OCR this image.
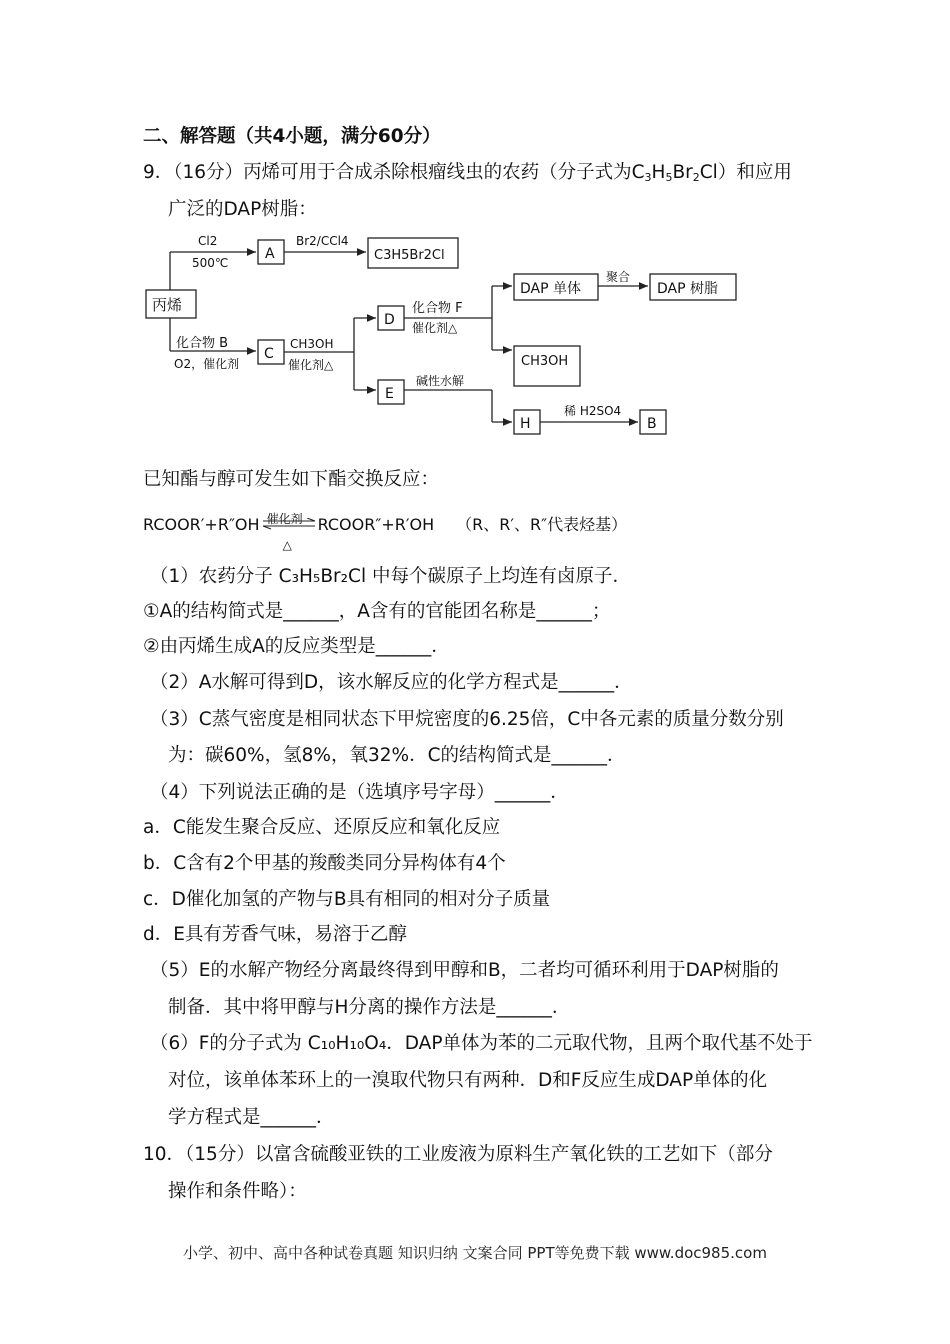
二、解答题（共4小题，满分60分）
9．（16分）丙烯可用于合成杀除根瘤线虫的农药（分子式为$C_3H_5Br_2Cl$）和应用
广泛的DAP树脂：
丙烯
Cl2
500℃
A
Br2/CCl4
C3H5Br2Cl
化合物 B
O2，催化剂
C
CH3OH
催化剂△
D
化合物 F
催化剂△
E
碱性水解
DAP 单体
聚合
DAP 树脂
CH3OH
H
稀 H2SO4
B
已知酯与醇可发生如下酯交换反应：
RCOOR′+R″OH 催化剂
△
RCOOR″+R′OH （R、R′、R″代表烃基）
（1）农药分子 C₃H₅Br₂Cl 中每个碳原子上均连有卤原子．
①A的结构简式是______，A含有的官能团名称是______；
②由丙烯生成A的反应类型是______．
（2）A水解可得到D，该水解反应的化学方程式是______．
（3）C蒸气密度是相同状态下甲烷密度的6.25倍，C中各元素的质量分数分别
为：碳60%，氢8%，氧32%．C的结构简式是______．
（4）下列说法正确的是（选填序号字母）______．
a．C能发生聚合反应、还原反应和氧化反应
b．C含有2个甲基的羧酸类同分异构体有4个
c．D催化加氢的产物与B具有相同的相对分子质量
d．E具有芳香气味，易溶于乙醇
（5）E的水解产物经分离最终得到甲醇和B，二者均可循环利用于DAP树脂的
制备．其中将甲醇与H分离的操作方法是______．
（6）F的分子式为 C₁₀H₁₀O₄．DAP单体为苯的二元取代物，且两个取代基不处于
对位，该单体苯环上的一溴取代物只有两种．D和F反应生成DAP单体的化
学方程式是______．
10．（15分）以富含硫酸亚铁的工业废液为原料生产氧化铁的工艺如下（部分
操作和条件略）：
小学、初中、高中各种试卷真题 知识归纳 文案合同 PPT等免费下载 www.doc985.com
